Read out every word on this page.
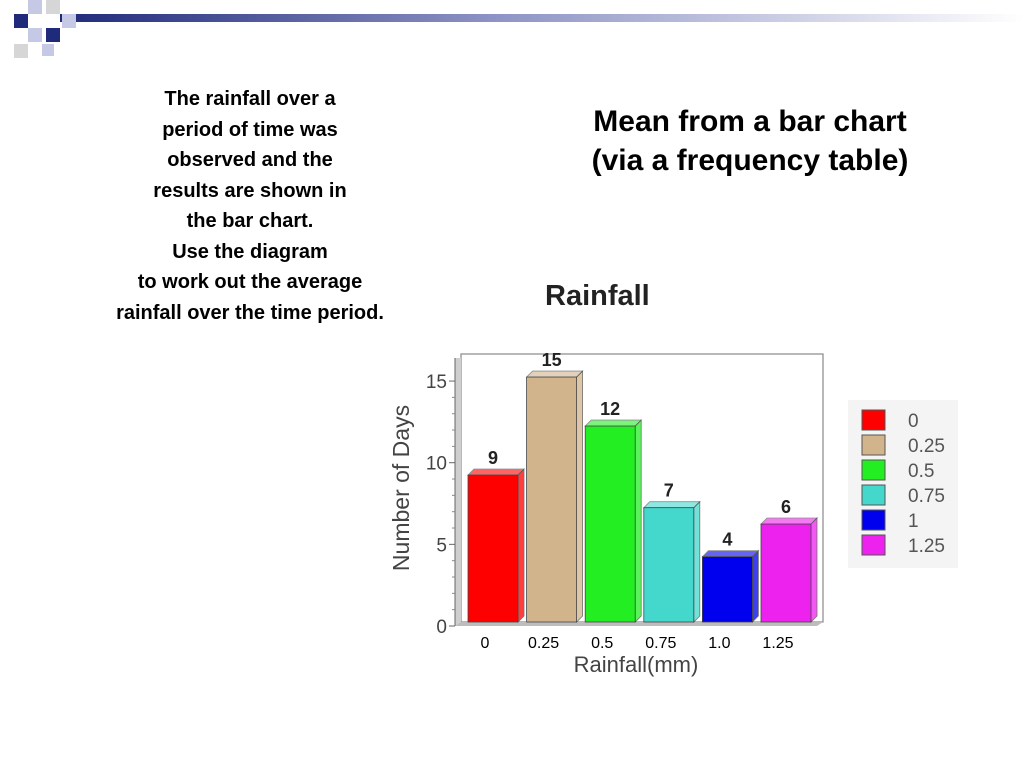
The rainfall over a
period of time was
observed and the
results are shown in
the bar chart.
Use the diagram
to work out the average
rainfall over the time period.
Mean from a bar chart
(via a frequency table)
Rainfall
Number of Days
Rainfall(mm)
0
5
10
15
9
15
12
7
4
6
0 0.25 0.5 0.75 1.0 1.25
0
0.25
0.5
0.75
1
1.25
